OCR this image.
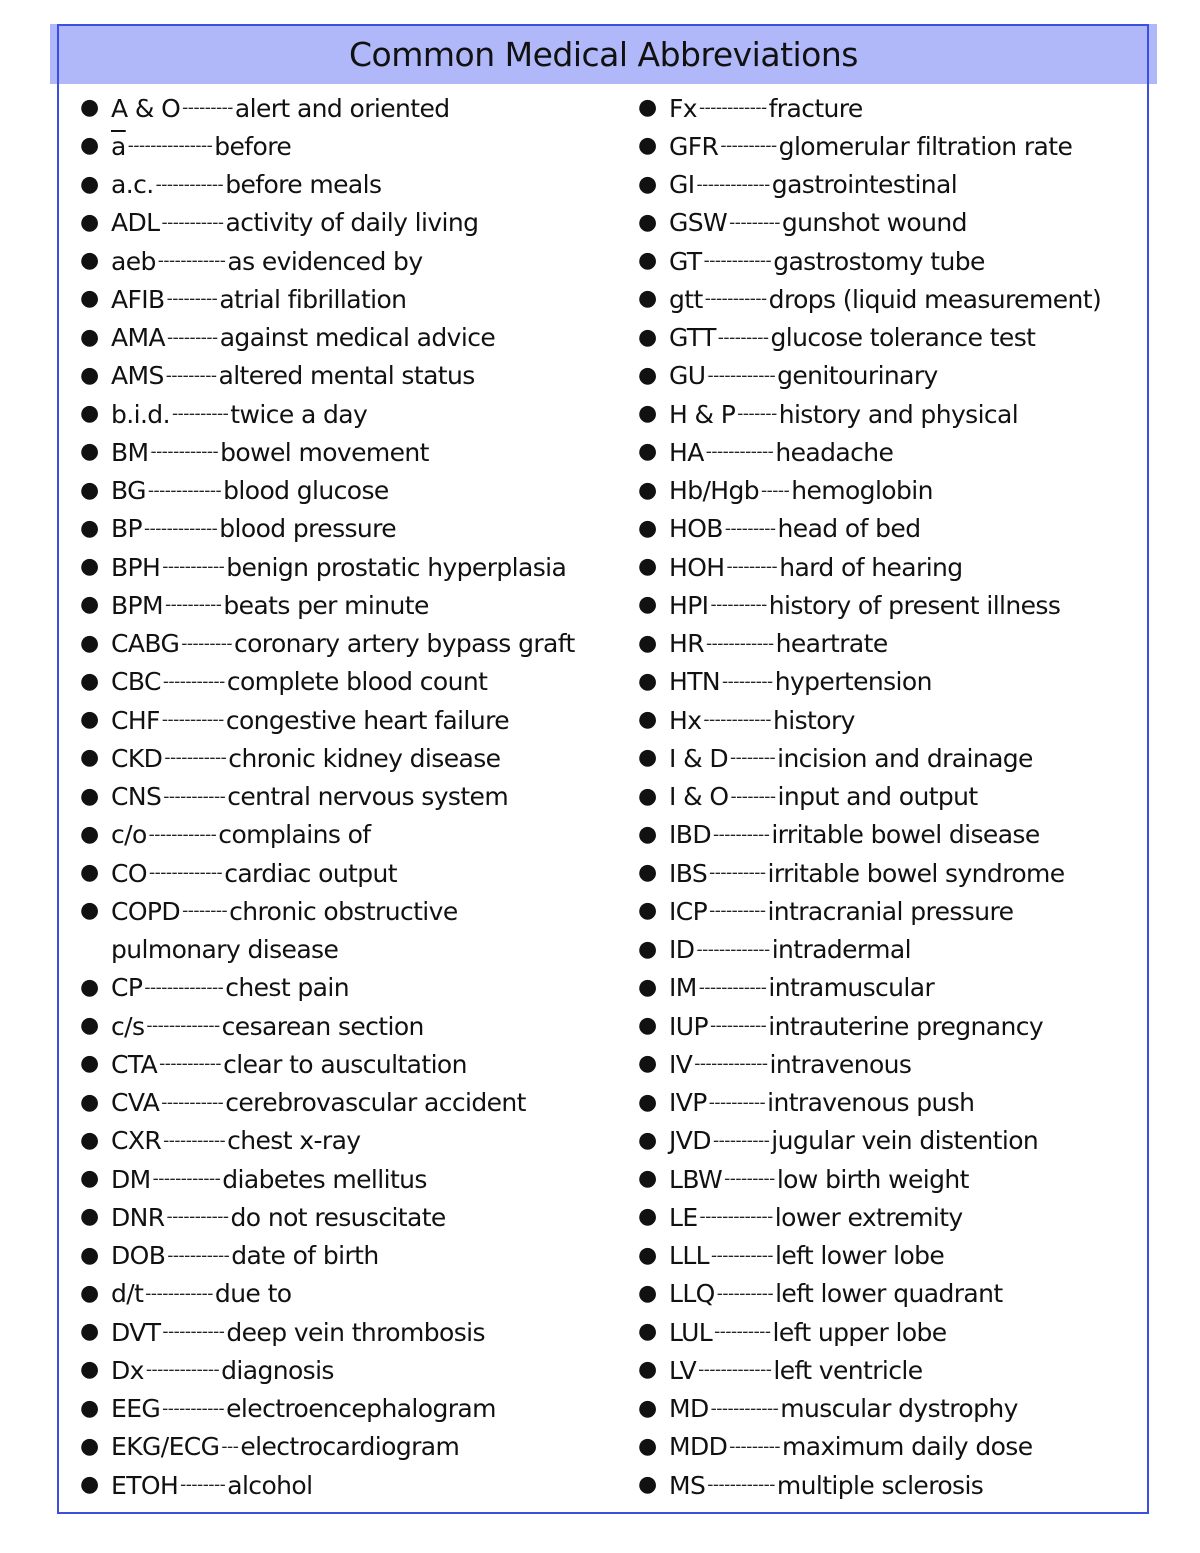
Common Medical Abbreviations
● A & O --------- alert and oriented
● $\overline{a}$ --------------- before
● a.c. ------------ before meals
● ADL ----------- activity of daily living
● aeb ------------ as evidenced by
● AFIB --------- atrial fibrillation
● AMA --------- against medical advice
● AMS --------- altered mental status
● b.i.d. ---------- twice a day
● BM ------------ bowel movement
● BG ------------- blood glucose
● BP ------------- blood pressure
● BPH ----------- benign prostatic hyperplasia
● BPM ---------- beats per minute
● CABG --------- coronary artery bypass graft
● CBC ----------- complete blood count
● CHF ----------- congestive heart failure
● CKD ----------- chronic kidney disease
● CNS ----------- central nervous system
● c/o ------------ complains of
● CO ------------- cardiac output
● COPD -------- chronic obstructive
pulmonary disease
● CP -------------- chest pain
● c/s ------------- cesarean section
● CTA ----------- clear to auscultation
● CVA ----------- cerebrovascular accident
● CXR ----------- chest x-ray
● DM ------------ diabetes mellitus
● DNR ----------- do not resuscitate
● DOB ----------- date of birth
● d/t ------------ due to
● DVT ----------- deep vein thrombosis
● Dx ------------- diagnosis
● EEG ----------- electroencephalogram
● EKG/ECG --- electrocardiogram
● ETOH -------- alcohol
● Fx ------------ fracture
● GFR ---------- glomerular filtration rate
● GI ------------- gastrointestinal
● GSW --------- gunshot wound
● GT ------------ gastrostomy tube
● gtt ----------- drops (liquid measurement)
● GTT --------- glucose tolerance test
● GU ------------ genitourinary
● H & P ------- history and physical
● HA ------------ headache
● Hb/Hgb ----- hemoglobin
● HOB --------- head of bed
● HOH --------- hard of hearing
● HPI ---------- history of present illness
● HR ------------ heartrate
● HTN --------- hypertension
● Hx ------------ history
● I & D -------- incision and drainage
● I & O -------- input and output
● IBD ---------- irritable bowel disease
● IBS ---------- irritable bowel syndrome
● ICP ---------- intracranial pressure
● ID ------------- intradermal
● IM ------------ intramuscular
● IUP ---------- intrauterine pregnancy
● IV ------------- intravenous
● IVP ---------- intravenous push
● JVD ---------- jugular vein distention
● LBW --------- low birth weight
● LE ------------- lower extremity
● LLL ----------- left lower lobe
● LLQ ---------- left lower quadrant
● LUL ---------- left upper lobe
● LV ------------- left ventricle
● MD ------------ muscular dystrophy
● MDD --------- maximum daily dose
● MS ------------ multiple sclerosis
